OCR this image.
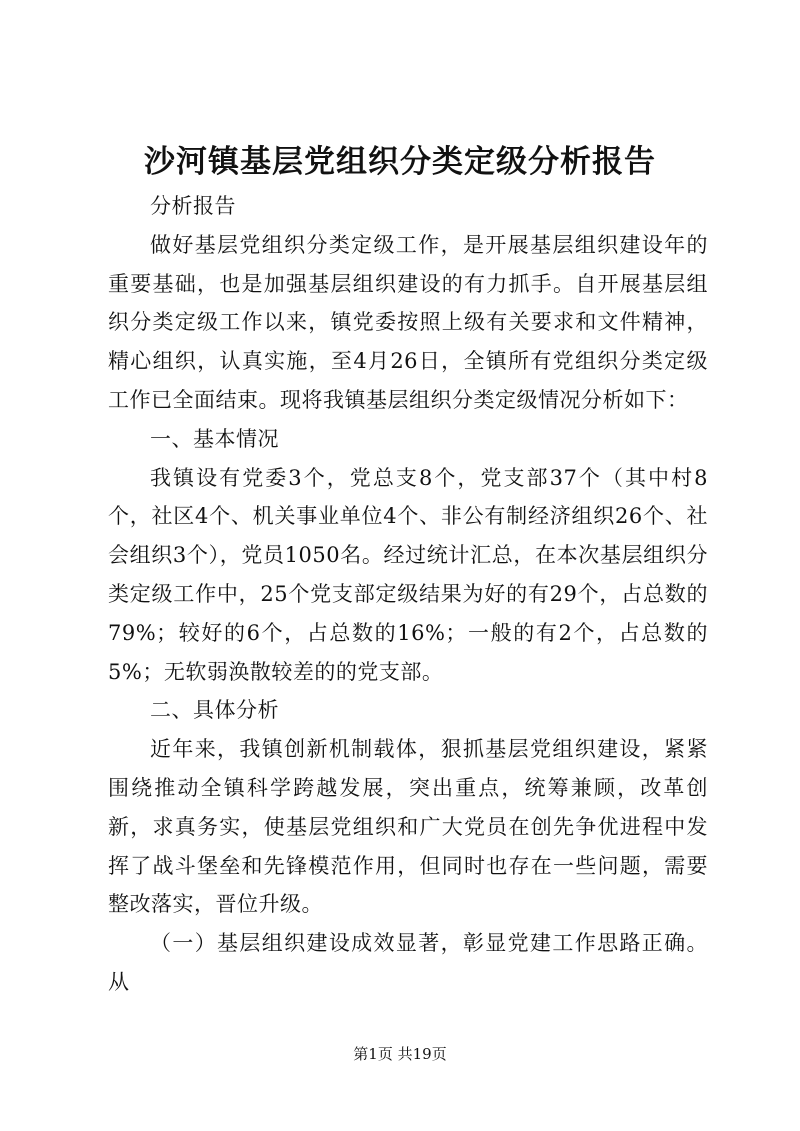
沙河镇基层党组织分类定级分析报告

分析报告

做好基层党组织分类定级工作，是开展基层组织建设年的重要基础，也是加强基层组织建设的有力抓手。自开展基层组织分类定级工作以来，镇党委按照上级有关要求和文件精神，精心组织，认真实施，至4月26日，全镇所有党组织分类定级工作已全面结束。现将我镇基层组织分类定级情况分析如下：

一、基本情况

我镇设有党委3个，党总支8个，党支部37个（其中村8个，社区4个、机关事业单位4个、非公有制经济组织26个、社会组织3个），党员1050名。经过统计汇总，在本次基层组织分类定级工作中，25个党支部定级结果为好的有29个，占总数的79%；较好的6个，占总数的16%；一般的有2个，占总数的5%；无软弱涣散较差的的党支部。

二、具体分析

近年来，我镇创新机制载体，狠抓基层党组织建设，紧紧围绕推动全镇科学跨越发展，突出重点，统筹兼顾，改革创新，求真务实，使基层党组织和广大党员在创先争优进程中发挥了战斗堡垒和先锋模范作用，但同时也存在一些问题，需要整改落实，晋位升级。

（一）基层组织建设成效显著，彰显党建工作思路正确。从

第1页 共19页
